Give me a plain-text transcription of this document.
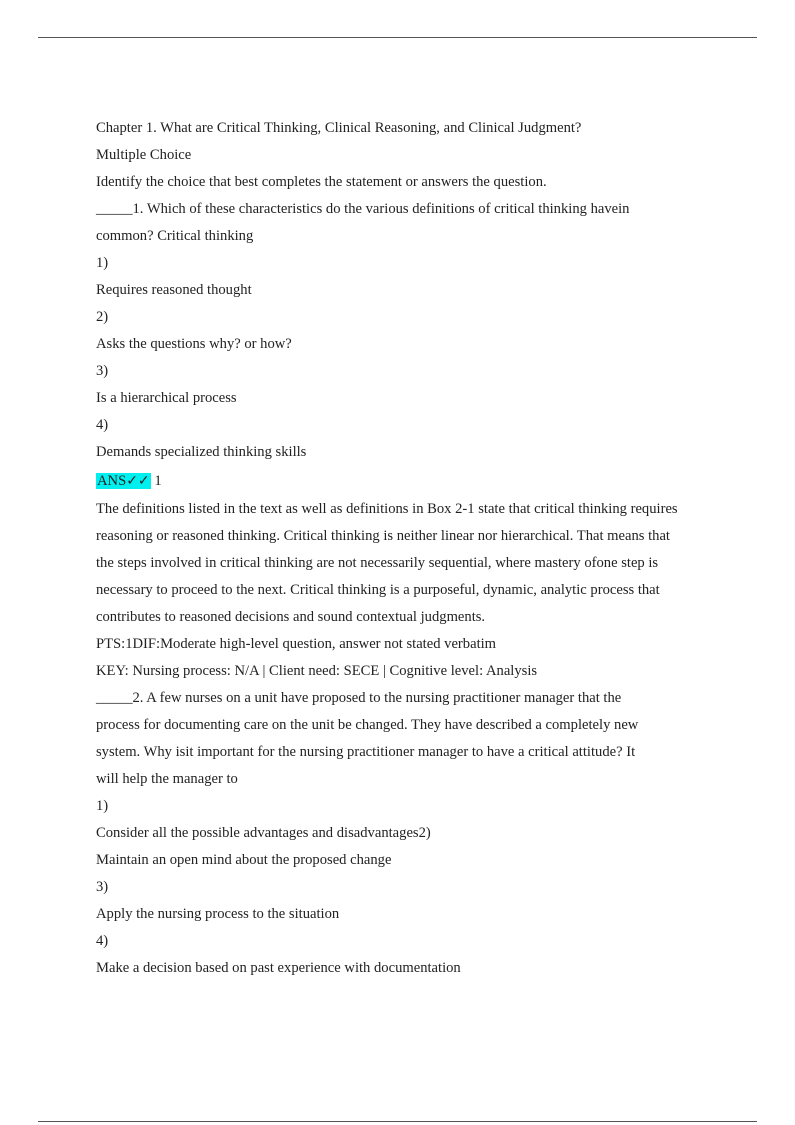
Chapter 1. What are Critical Thinking, Clinical Reasoning, and Clinical Judgment?

Multiple Choice

Identify the choice that best completes the statement or answers the question.

_____1. Which of these characteristics do the various definitions of critical thinking havein

common? Critical thinking

1)

Requires reasoned thought

2)

Asks the questions why? or how?

3)

Is a hierarchical process

4)

Demands specialized thinking skills

ANS✓✓ 1

The definitions listed in the text as well as definitions in Box 2-1 state that critical thinking requires

reasoning or reasoned thinking. Critical thinking is neither linear nor hierarchical. That means that

the steps involved in critical thinking are not necessarily sequential, where mastery ofone step is

necessary to proceed to the next. Critical thinking is a purposeful, dynamic, analytic process that

contributes to reasoned decisions and sound contextual judgments.

PTS:1DIF:Moderate high-level question, answer not stated verbatim

KEY: Nursing process: N/A | Client need: SECE | Cognitive level: Analysis

_____2. A few nurses on a unit have proposed to the nursing practitioner manager that the

process for documenting care on the unit be changed. They have described a completely new

system. Why isit important for the nursing practitioner manager to have a critical attitude? It

will help the manager to

1)

Consider all the possible advantages and disadvantages2)

Maintain an open mind about the proposed change

3)

Apply the nursing process to the situation

4)

Make a decision based on past experience with documentation
